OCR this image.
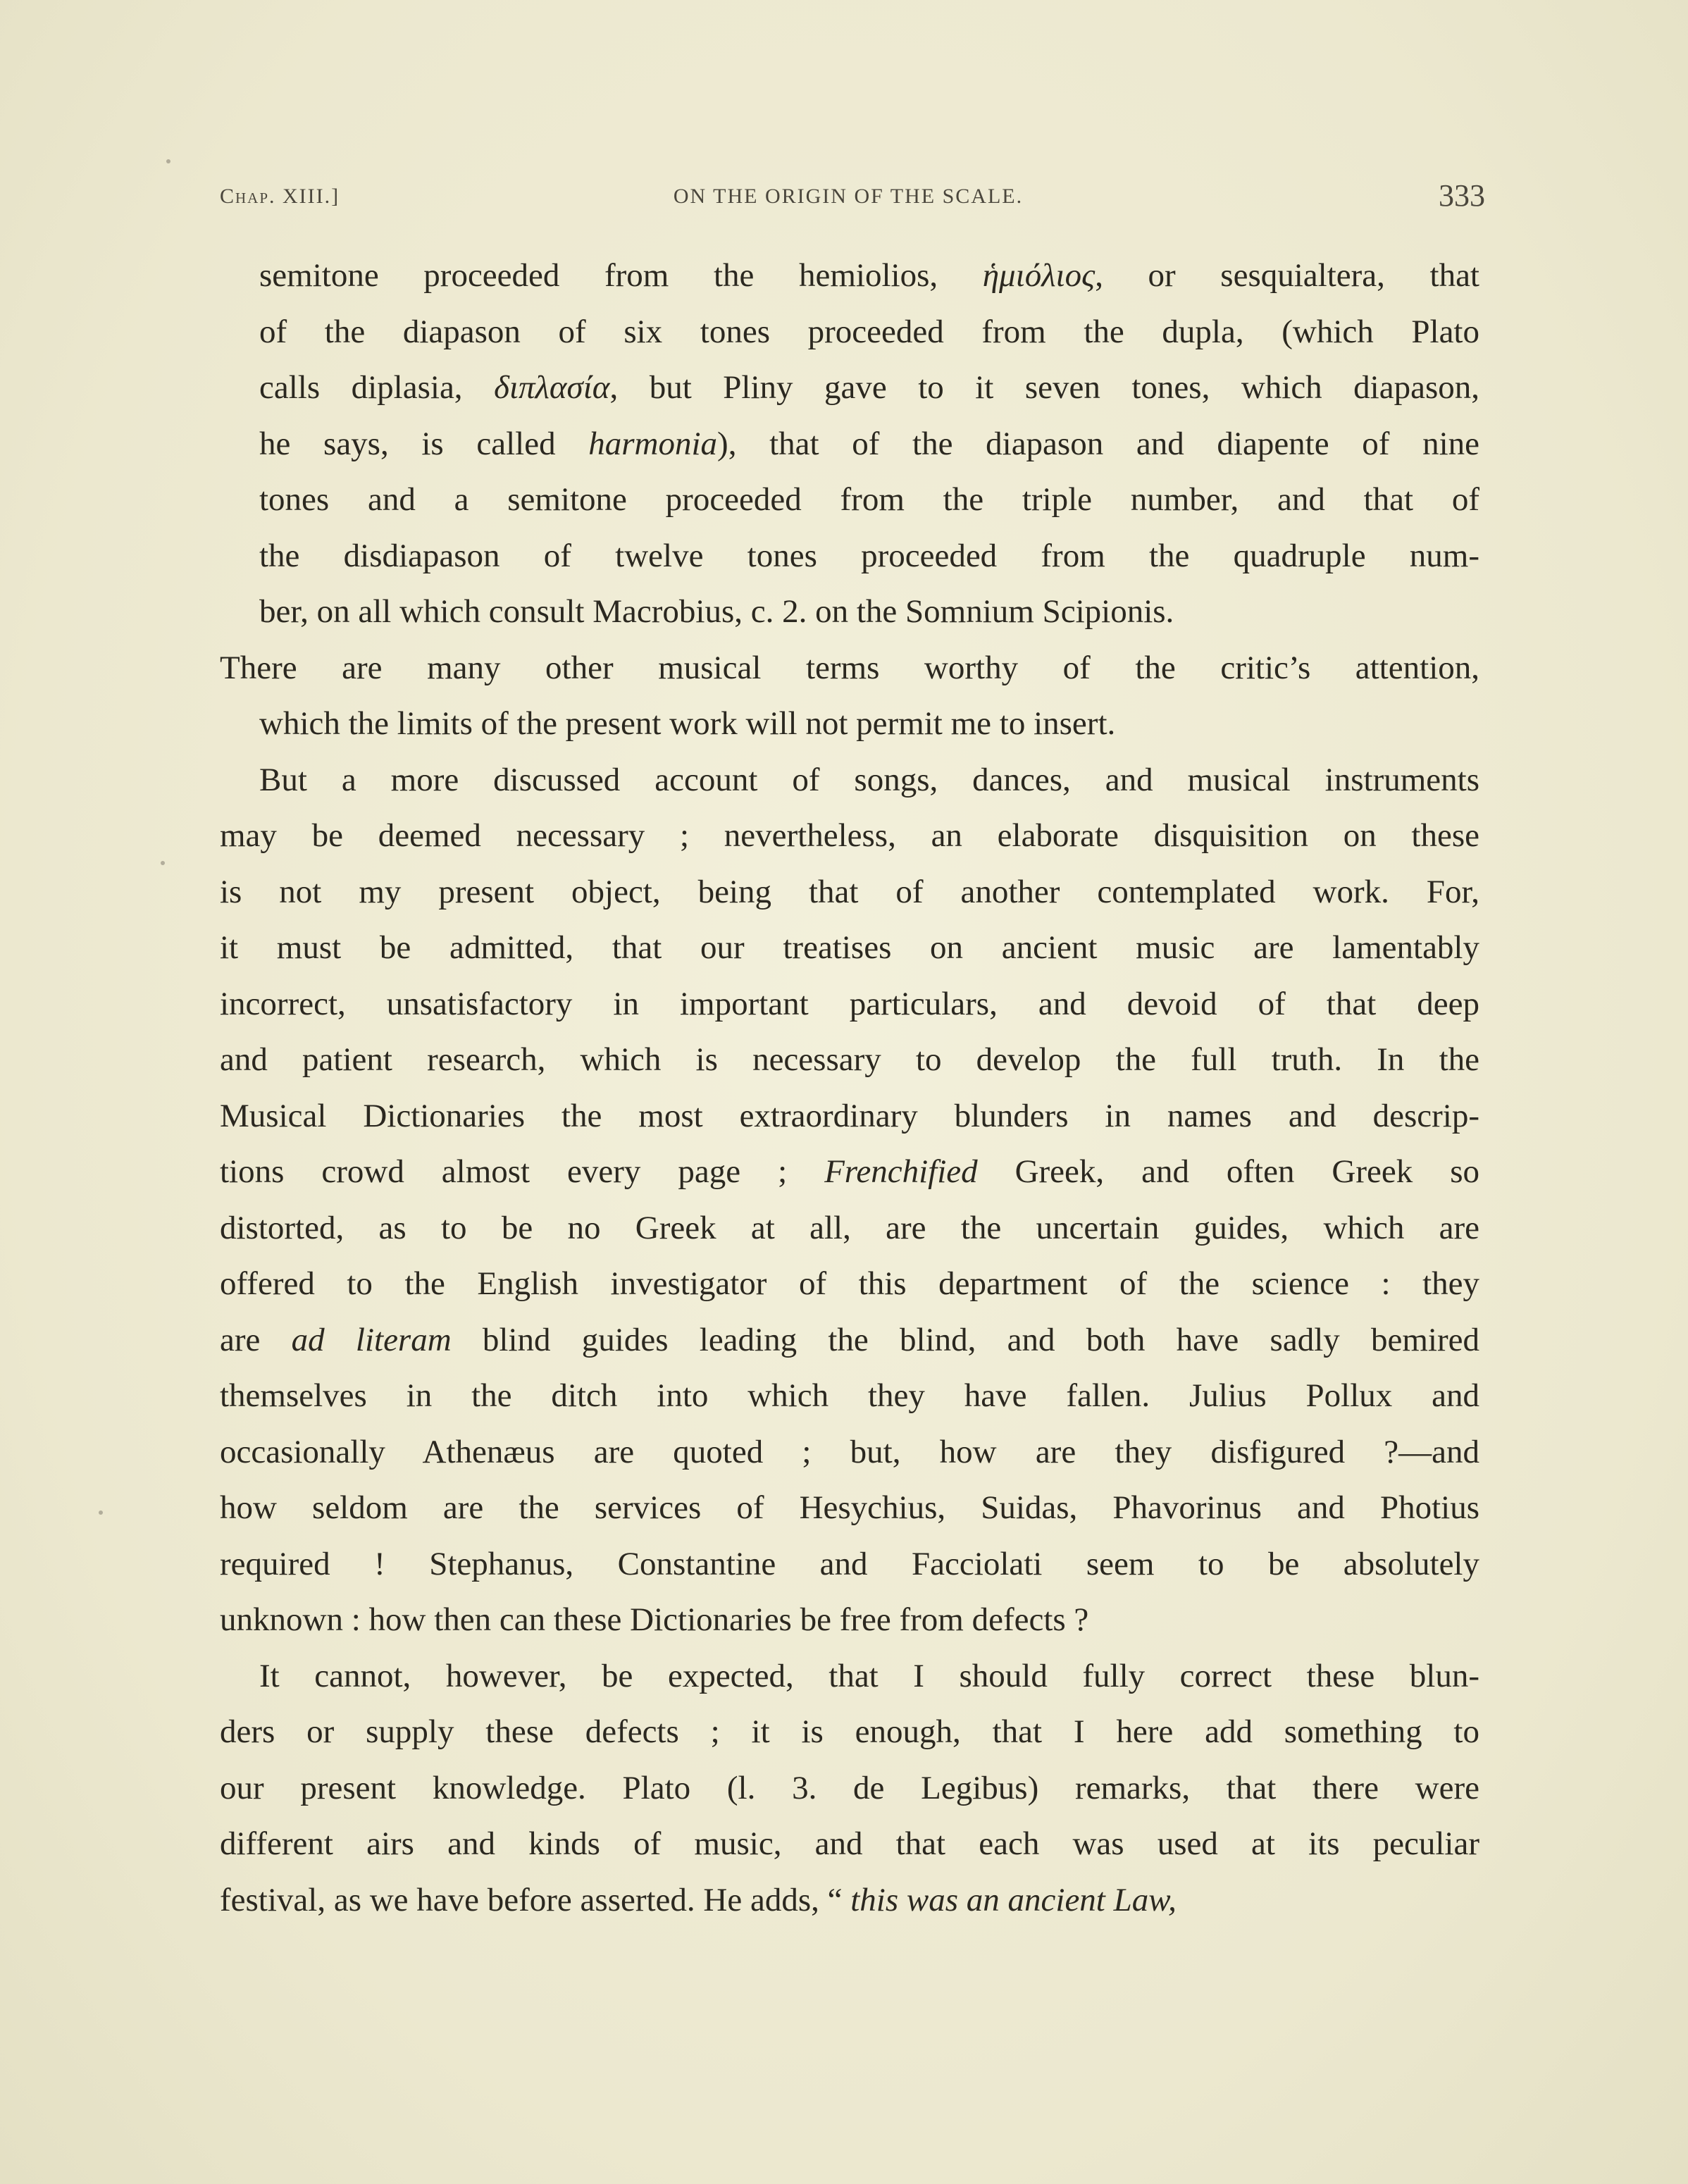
Chap. XIII.]	ON THE ORIGIN OF THE SCALE.	333

semitone proceeded from the hemiolios, ἡμιόλιος, or sesquialtera, that

of the diapason of six tones proceeded from the dupla, (which Plato

calls diplasia, διπλασία, but Pliny gave to it seven tones, which diapason,

he says, is called harmonia), that of the diapason and diapente of nine

tones and a semitone proceeded from the triple number, and that of

the disdiapason of twelve tones proceeded from the quadruple num-

ber, on all which consult Macrobius, c. 2. on the Somnium Scipionis.

There are many other musical terms worthy of the critic’s attention,

which the limits of the present work will not permit me to insert.

But a more discussed account of songs, dances, and musical instruments

may be deemed necessary ; nevertheless, an elaborate disquisition on these

is not my present object, being that of another contemplated work. For,

it must be admitted, that our treatises on ancient music are lamentably

incorrect, unsatisfactory in important particulars, and devoid of that deep

and patient research, which is necessary to develop the full truth. In the

Musical Dictionaries the most extraordinary blunders in names and descrip-

tions crowd almost every page ; Frenchified Greek, and often Greek so

distorted, as to be no Greek at all, are the uncertain guides, which are

offered to the English investigator of this department of the science : they

are ad literam blind guides leading the blind, and both have sadly bemired

themselves in the ditch into which they have fallen. Julius Pollux and

occasionally Athenæus are quoted ; but, how are they disfigured ?—and

how seldom are the services of Hesychius, Suidas, Phavorinus and Photius

required ! Stephanus, Constantine and Facciolati seem to be absolutely

unknown : how then can these Dictionaries be free from defects ?

It cannot, however, be expected, that I should fully correct these blun-

ders or supply these defects ; it is enough, that I here add something to

our present knowledge. Plato (l. 3. de Legibus) remarks, that there were

different airs and kinds of music, and that each was used at its peculiar

festival, as we have before asserted. He adds, “ this was an ancient Law,
